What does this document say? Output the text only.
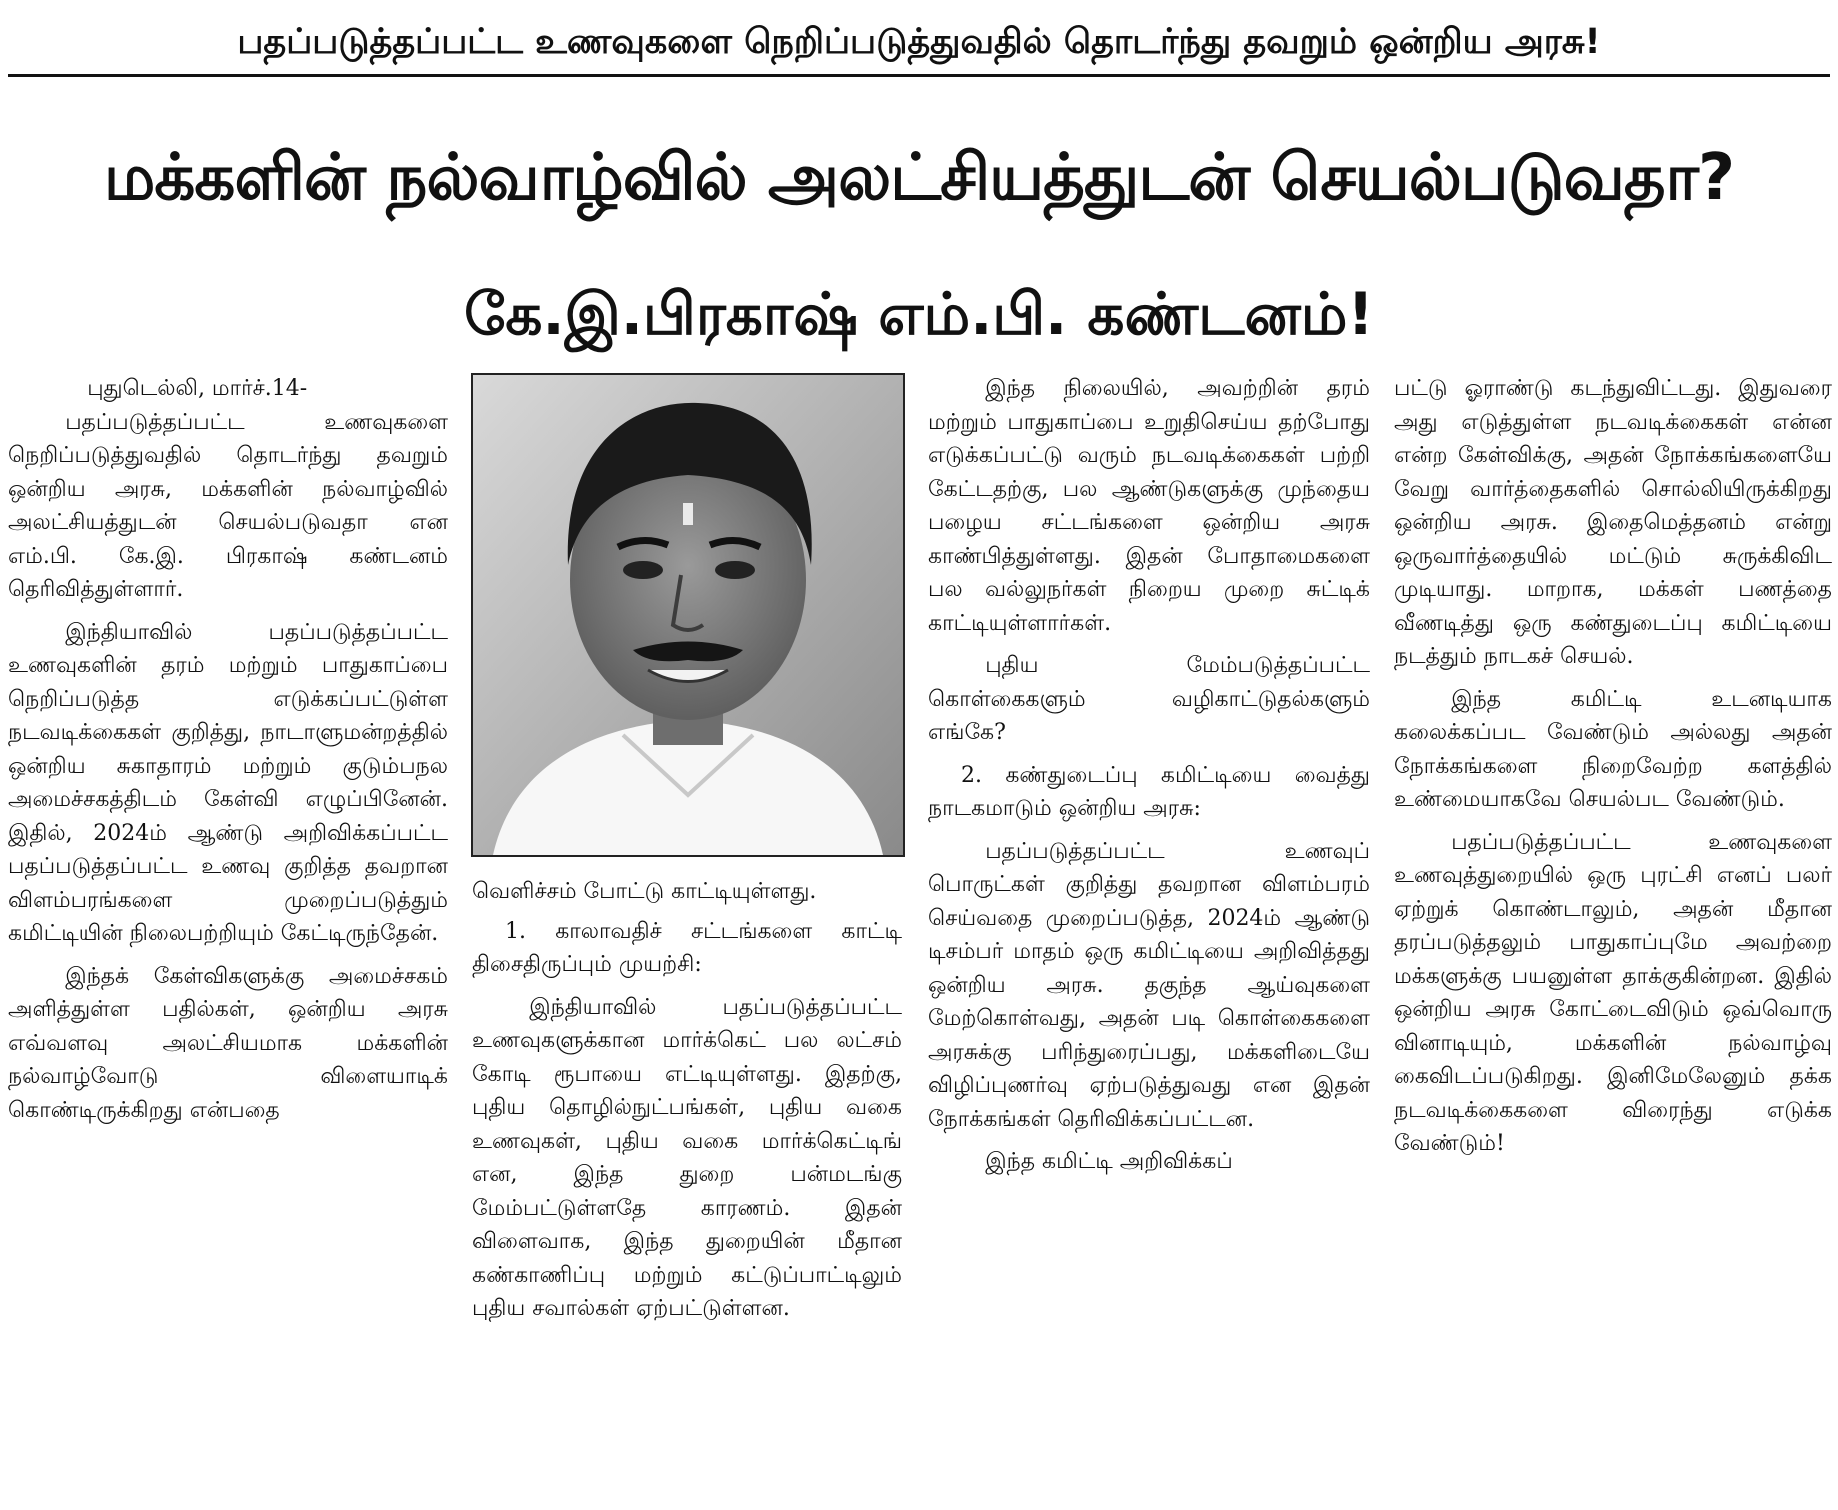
பதப்படுத்தப்பட்ட உணவுகளை நெறிப்படுத்துவதில் தொடர்ந்து தவறும் ஒன்றிய அரசு!
மக்களின் நல்வாழ்வில் அலட்சியத்துடன் செயல்படுவதா?
கே.இ.பிரகாஷ் எம்.பி. கண்டனம்!

புதுடெல்லி, மார்ச்.14-

பதப்படுத்தப்பட்ட உணவுகளை நெறிப்படுத்துவதில் தொடர்ந்து தவறும் ஒன்றிய அரசு, மக்களின் நல்வாழ்வில் அலட்சியத்துடன் செயல்படுவதா என எம்.பி. கே.இ. பிரகாஷ் கண்டனம் தெரிவித்துள்ளார்.

இந்தியாவில் பதப்படுத்தப்பட்ட உணவுகளின் தரம் மற்றும் பாதுகாப்பை நெறிப்படுத்த எடுக்கப்பட்டுள்ள நடவடிக்கைகள் குறித்து, நாடாளுமன்றத்தில் ஒன்றிய சுகாதாரம் மற்றும் குடும்பநல அமைச்சகத்திடம் கேள்வி எழுப்பினேன். இதில், 2024ம் ஆண்டு அறிவிக்கப்பட்ட பதப்படுத்தப்பட்ட உணவு குறித்த தவறான விளம்பரங்களை முறைப்படுத்தும் கமிட்டியின் நிலைபற்றியும் கேட்டிருந்தேன்.

இந்தக் கேள்விகளுக்கு அமைச்சகம் அளித்துள்ள பதில்கள், ஒன்றிய அரசு எவ்வளவு அலட்சியமாக மக்களின் நல்வாழ்வோடு விளையாடிக் கொண்டிருக்கிறது என்பதை

வெளிச்சம் போட்டு காட்டியுள்ளது.

1. காலாவதிச் சட்டங்களை காட்டி திசைதிருப்பும் முயற்சி:

இந்தியாவில் பதப்படுத்தப்பட்ட உணவுகளுக்கான மார்க்கெட் பல லட்சம் கோடி ரூபாயை எட்டியுள்ளது. இதற்கு, புதிய தொழில்நுட்பங்கள், புதிய வகை உணவுகள், புதிய வகை மார்க்கெட்டிங் என, இந்த துறை பன்மடங்கு மேம்பட்டுள்ளதே காரணம். இதன் விளைவாக, இந்த துறையின் மீதான கண்காணிப்பு மற்றும் கட்டுப்பாட்டிலும் புதிய சவால்கள் ஏற்பட்டுள்ளன.

இந்த நிலையில், அவற்றின் தரம் மற்றும் பாதுகாப்பை உறுதிசெய்ய தற்போது எடுக்கப்பட்டு வரும் நடவடிக்கைகள் பற்றி கேட்டதற்கு, பல ஆண்டுகளுக்கு முந்தைய பழைய சட்டங்களை ஒன்றிய அரசு காண்பித்துள்ளது. இதன் போதாமைகளை பல வல்லுநர்கள் நிறைய முறை சுட்டிக் காட்டியுள்ளார்கள்.

புதிய மேம்படுத்தப்பட்ட கொள்கைகளும் வழிகாட்டுதல்களும் எங்கே?

2. கண்துடைப்பு கமிட்டியை வைத்து நாடகமாடும் ஒன்றிய அரசு:

பதப்படுத்தப்பட்ட உணவுப் பொருட்கள் குறித்து தவறான விளம்பரம் செய்வதை முறைப்படுத்த, 2024ம் ஆண்டு டிசம்பர் மாதம் ஒரு கமிட்டியை அறிவித்தது ஒன்றிய அரசு. தகுந்த ஆய்வுகளை மேற்கொள்வது, அதன் படி கொள்கைகளை அரசுக்கு பரிந்துரைப்பது, மக்களிடையே விழிப்புணர்வு ஏற்படுத்துவது என இதன் நோக்கங்கள் தெரிவிக்கப்பட்டன.

இந்த கமிட்டி அறிவிக்கப்

பட்டு ஓராண்டு கடந்துவிட்டது. இதுவரை அது எடுத்துள்ள நடவடிக்கைகள் என்ன என்ற கேள்விக்கு, அதன் நோக்கங்களையே வேறு வார்த்தைகளில் சொல்லியிருக்கிறது ஒன்றிய அரசு. இதைமெத்தனம் என்று ஒருவார்த்தையில் மட்டும் சுருக்கிவிட முடியாது. மாறாக, மக்கள் பணத்தை வீணடித்து ஒரு கண்துடைப்பு கமிட்டியை நடத்தும் நாடகச் செயல்.

இந்த கமிட்டி உடனடியாக கலைக்கப்பட வேண்டும் அல்லது அதன் நோக்கங்களை நிறைவேற்ற களத்தில் உண்மையாகவே செயல்பட வேண்டும்.

பதப்படுத்தப்பட்ட உணவுகளை உணவுத்துறையில் ஒரு புரட்சி எனப் பலர் ஏற்றுக் கொண்டாலும், அதன் மீதான தரப்படுத்தலும் பாதுகாப்புமே அவற்றை மக்களுக்கு பயனுள்ள தாக்குகின்றன. இதில் ஒன்றிய அரசு கோட்டைவிடும் ஒவ்வொரு வினாடியும், மக்களின் நல்வாழ்வு கைவிடப்படுகிறது. இனிமேலேனும் தக்க நடவடிக்கைகளை விரைந்து எடுக்க வேண்டும்!
